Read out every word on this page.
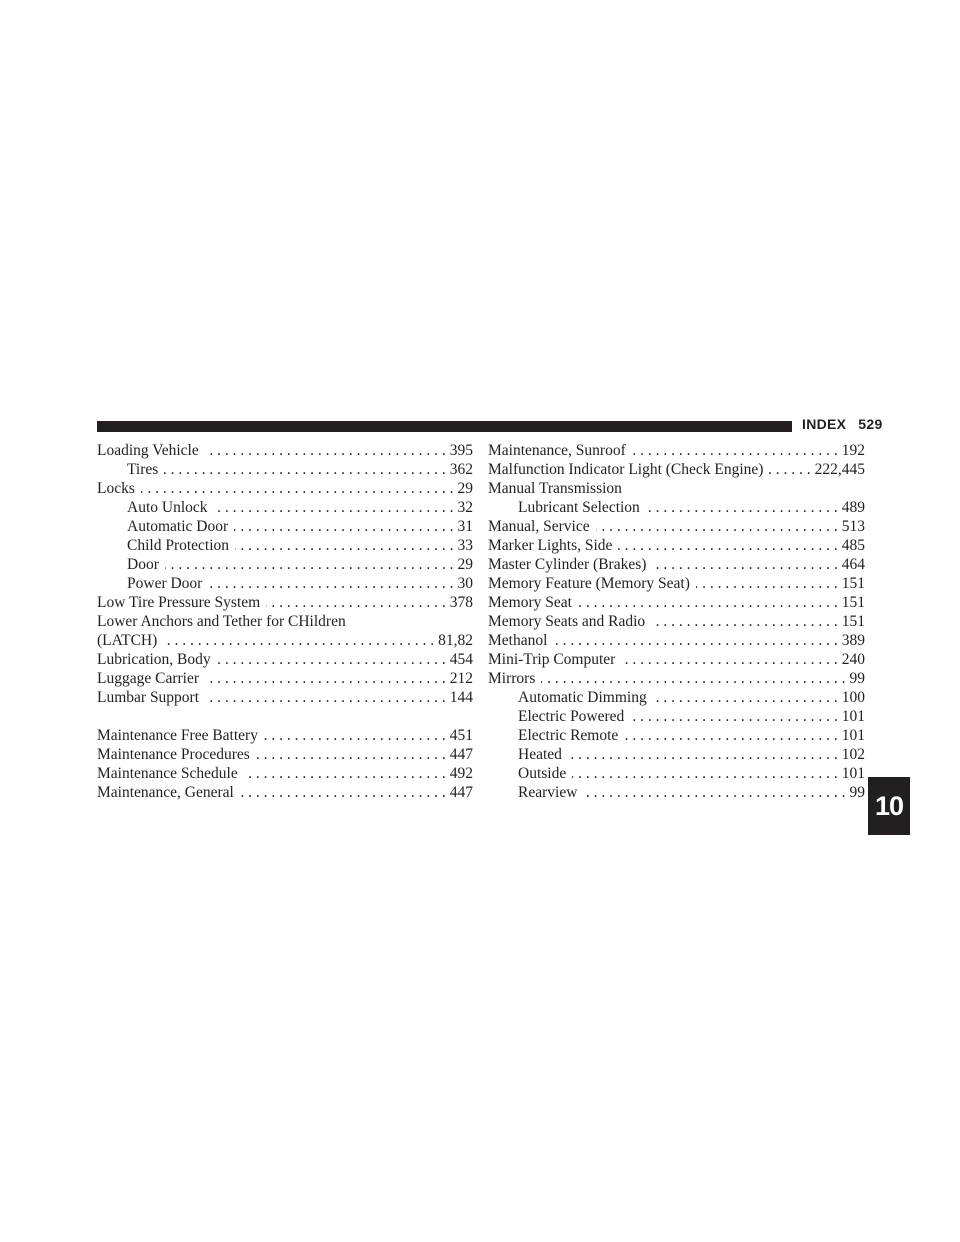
INDEX 529
Loading Vehicle . . .	395
Tires . . .	362
Locks . . .	29
Auto Unlock . . .	32
Automatic Door . . .	31
Child Protection . . .	33
Door . . .	29
Power Door . . .	30
Low Tire Pressure System . . .	378
Lower Anchors and Tether for CHildren
(LATCH) . . .	81,82
Lubrication, Body . . .	454
Luggage Carrier . . .	212
Lumbar Support . . .	144
Maintenance Free Battery . . .	451
Maintenance Procedures . . .	447
Maintenance Schedule . . .	492
Maintenance, General . . .	447
Maintenance, Sunroof . . .	192
Malfunction Indicator Light (Check Engine) . . .	222,445
Manual Transmission
Lubricant Selection . . .	489
Manual, Service . . .	513
Marker Lights, Side . . .	485
Master Cylinder (Brakes) . . .	464
Memory Feature (Memory Seat) . . .	151
Memory Seat . . .	151
Memory Seats and Radio . . .	151
Methanol . . .	389
Mini-Trip Computer . . .	240
Mirrors . . .	99
Automatic Dimming . . .	100
Electric Powered . . .	101
Electric Remote . . .	101
Heated . . .	102
Outside . . .	101
Rearview . . .	99 10
